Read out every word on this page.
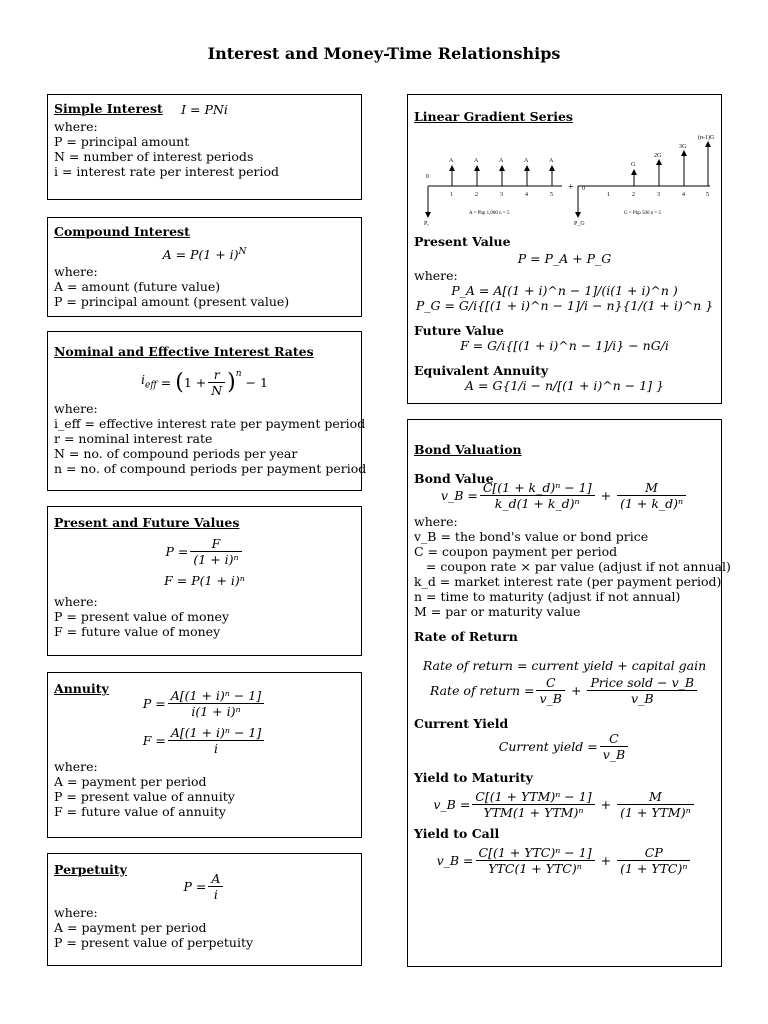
Interest and Money-Time Relationships
Simple Interest	I = PNi
where:
P = principal amount
N = number of interest periods
i = interest rate per interest period
Compound Interest
$A = P(1 + i)^N$
where:
A = amount (future value)
P = principal amount (present value)
Nominal and Effective Interest Rates
$i_{eff}$ = ( $1 + \frac{r}{N} )^n$
− 1
where:
i_eff = effective interest rate per payment period
r = nominal interest rate
N = no. of compound periods per year
n = no. of compound periods per payment period
Present and Future Values
$P = \frac{F}{\text{(1 + i)ⁿ}}$
F = P(1 + i)ⁿ
where:
P = present value of money
F = future value of money
Annuity
$P = \frac{\text{A[(1 + i)ⁿ − 1]}}{\text{i(1 + i)ⁿ}}$
$F = \frac{\text{A[(1 + i)ⁿ − 1]}}{i}$
where:
A = payment per period
P = present value of annuity
F = future value of annuity
Perpetuity
$P = \frac{A}{i}$
where:
A = payment per period
P = present value of perpetuity
Linear Gradient Series
A	A	A	A	A
0
1	2	3	4	5
Pₐ
A = Php 1,000 n = 5
+
G
2G
3G
(n-1)G
0
1	2	3	4	5
P_G
G = Php 500 n = 5
Present Value
P = P_A + P_G
where:
P_A = A[(1 + i)^n − 1]/(i(1 + i)^n )
P_G = G/i{[(1 + i)^n − 1]/i − n}{1/(1 + i)^n }
Future Value
F = G/i{[(1 + i)^n − 1]/i} − nG/i
Equivalent Annuity
A = G{1/i − n/[(1 + i)^n − 1] }
Bond Valuation
Bond Value
v_B = $\frac{\text{C[(1 + k\_d)ⁿ − 1]}}{\text{k\_d(1 + k\_d)ⁿ}} + \frac{M}{\text{(1 + k\_d)ⁿ}}$
where:
v_B = the bond's value or bond price
C = coupon payment per period
= coupon rate × par value (adjust if not annual)
k_d = market interest rate (per payment period)
n = time to maturity (adjust if not annual)
M = par or maturity value
Rate of Return
Rate of return = current yield + capital gain
Rate of return = $\frac{C}{v\_B} + \frac{\text{Price sold − v\_B}}{v\_B}$
Current Yield
Current yield = $\frac{C}{v\_B}$
Yield to Maturity
v_B = $\frac{\text{C[(1 + YTM)ⁿ − 1]}}{\text{YTM(1 + YTM)ⁿ}} + \frac{M}{\text{(1 + YTM)ⁿ}}$
Yield to Call
v_B = $\frac{\text{C[(1 + YTC)ⁿ − 1]}}{\text{YTC(1 + YTC)ⁿ}} + \frac{CP}{\text{(1 + YTC)ⁿ}}$
